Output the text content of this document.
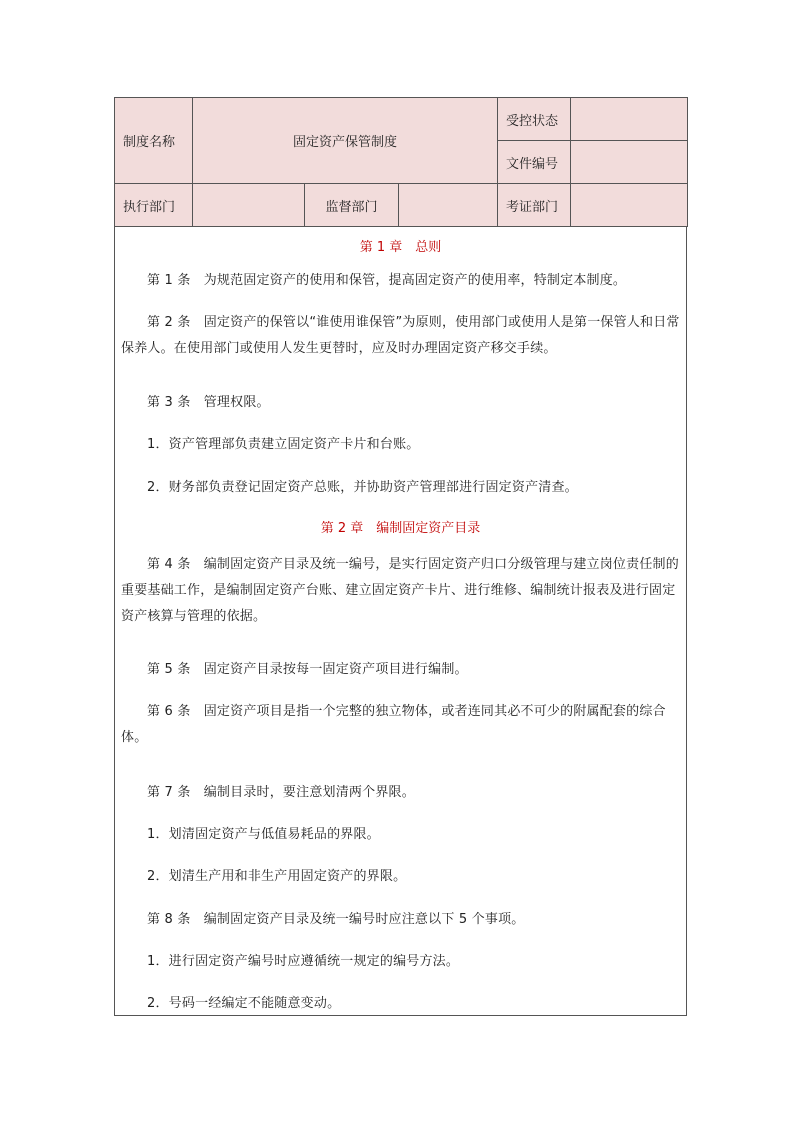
制度名称	固定资产保管制度			受控状态	
				文件编号	
执行部门		监督部门		考证部门	
第 1 章　总则
第 1 条　为规范固定资产的使用和保管，提高固定资产的使用率，特制定本制度。
第 2 条　固定资产的保管以“谁使用谁保管”为原则，使用部门或使用人是第一保管人和日常保养人。在使用部门或使用人发生更替时，应及时办理固定资产移交手续。
第 3 条　管理权限。
1．资产管理部负责建立固定资产卡片和台账。
2．财务部负责登记固定资产总账，并协助资产管理部进行固定资产清查。
第 2 章　编制固定资产目录
第 4 条　编制固定资产目录及统一编号，是实行固定资产归口分级管理与建立岗位责任制的重要基础工作，是编制固定资产台账、建立固定资产卡片、进行维修、编制统计报表及进行固定资产核算与管理的依据。
第 5 条　固定资产目录按每一固定资产项目进行编制。
第 6 条　固定资产项目是指一个完整的独立物体，或者连同其必不可少的附属配套的综合体。
第 7 条　编制目录时，要注意划清两个界限。
1．划清固定资产与低值易耗品的界限。
2．划清生产用和非生产用固定资产的界限。
第 8 条　编制固定资产目录及统一编号时应注意以下 5 个事项。
1．进行固定资产编号时应遵循统一规定的编号方法。
2．号码一经编定不能随意变动。
